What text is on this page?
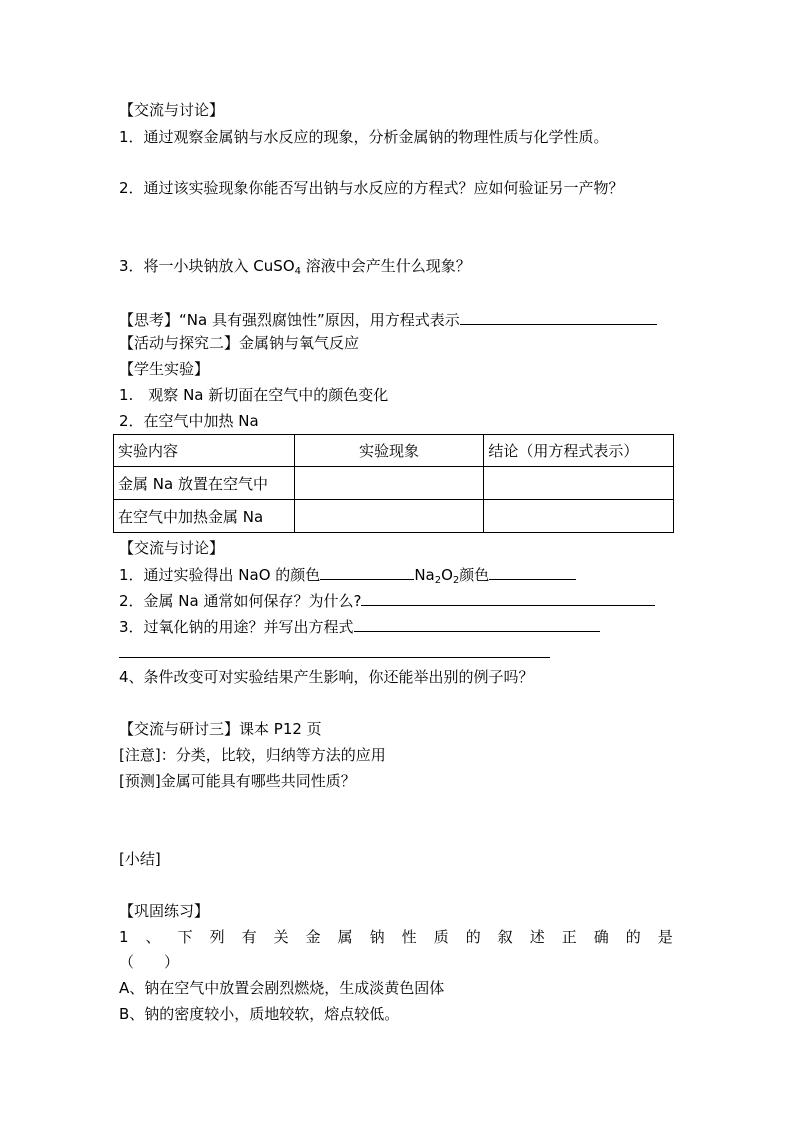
【交流与讨论】
1．通过观察金属钠与水反应的现象，分析金属钠的物理性质与化学性质。
2．通过该实验现象你能否写出钠与水反应的方程式？应如何验证另一产物？
3．将一小块钠放入 CuSO$_4$ 溶液中会产生什么现象？
【思考】“Na 具有强烈腐蚀性”原因，用方程式表示
【活动与探究二】金属钠与氧气反应
【学生实验】
1.　观察 Na 新切面在空气中的颜色变化
2．在空气中加热 Na
实验内容	实验现象	结论（用方程式表示）
金属 Na 放置在空气中		
在空气中加热金属 Na		
【交流与讨论】
1．通过实验得出 NaO 的颜色	$Na_2O_2$颜色
2．金属 Na 通常如何保存？为什么?
3．过氧化钠的用途？并写出方程式
4、条件改变可对实验结果产生影响，你还能举出别的例子吗？
【交流与研讨三】课本 P12 页
[注意]：分类，比较，归纳等方法的应用
[预测]金属可能具有哪些共同性质？
[小结]
【巩固练习】
1 、 下 列 有 关 金 属 钠 性 质 的 叙 述 正 确 的 是
（　　）
A、钠在空气中放置会剧烈燃烧，生成淡黄色固体
B、钠的密度较小，质地较软，熔点较低。
